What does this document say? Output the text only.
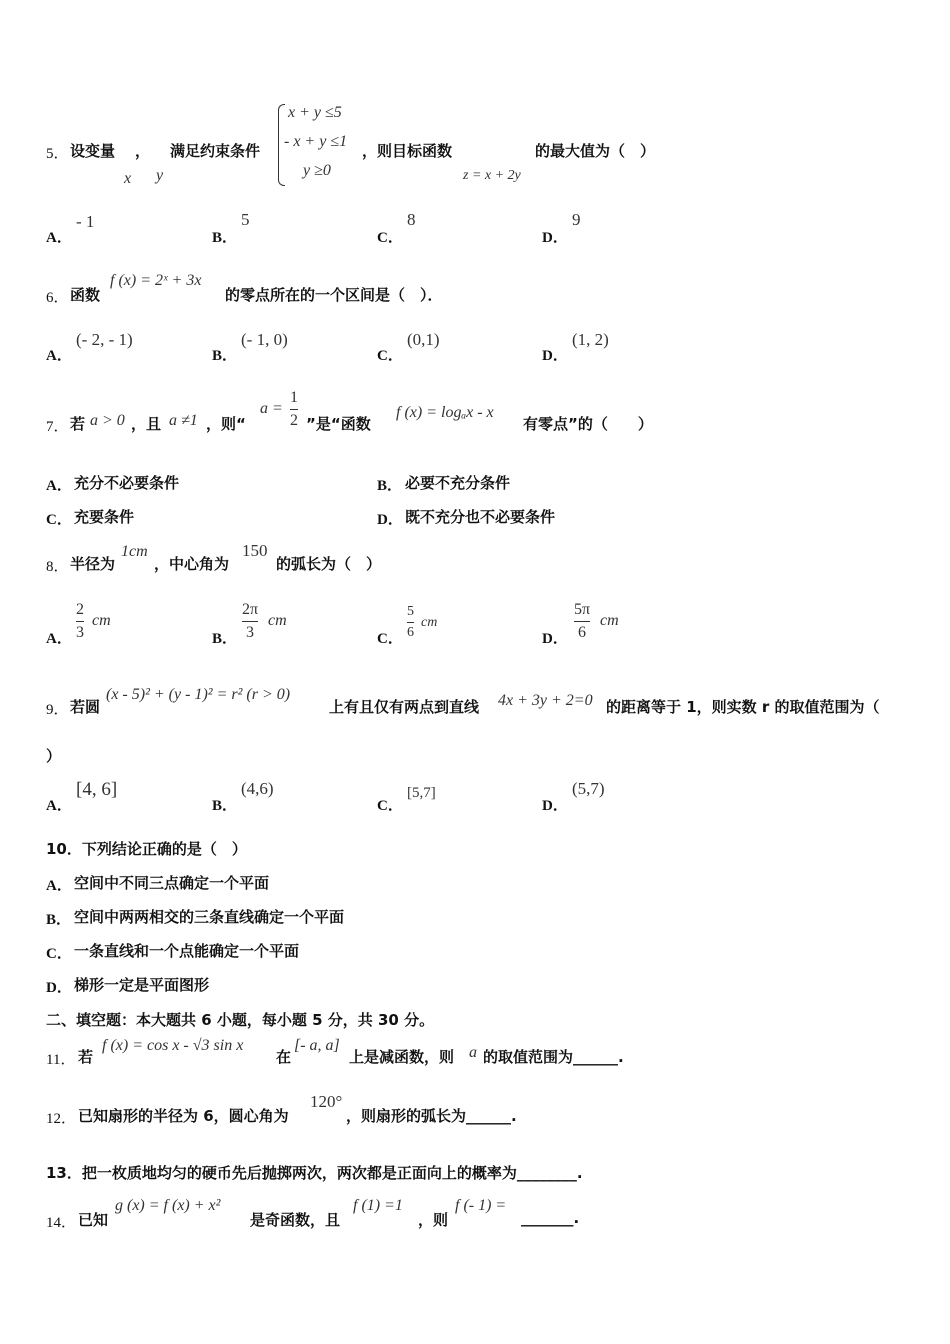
5． 设变量 ， 满足约束条件
x y
x + y ≤5
- x + y ≤1
y ≥0
，则目标函数
z = x + 2y
的最大值为（　）
A．
- 1
B．
5
C．
8
D．
9
6． 函数
f (x) = 2ˣ + 3x
的零点所在的一个区间是（　）．
A．
(- 2, - 1)
B．
(- 1, 0)
C．
(0,1)
D．
(1, 2)
7． 若 a > 0 ，且 a ≠1 ，则“
a =
1
2 ”是“函数
f (x) = logₐx - x
有零点”的（　　）
A． 充分不必要条件	B． 必要不充分条件
C． 充要条件	D． 既不充分也不必要条件
8． 半径为
1cm
，中心角为
150
的弧长为（　）
A．
2
3
cm
B．
2π
3
cm
C．
5
6
cm
D．
5π
6
cm
9． 若圆
(x - 5)² + (y - 1)² = r² (r > 0)
上有且仅有两点到直线 4x + 3y + 2=0 的距离等于 1，则实数 r 的取值范围为（
）
A．
[4, 6]
B．
(4,6)
C．
[5,7]
D．
(5,7)
10．下列结论正确的是（　）
A． 空间中不同三点确定一个平面
B． 空间中两两相交的三条直线确定一个平面
C． 一条直线和一个点能确定一个平面
D． 梯形一定是平面图形
二、填空题：本大题共 6 小题，每小题 5 分，共 30 分。
11． 若
f (x) = cos x - √3 sin x
在
[- a, a]
上是减函数，则 a 的取值范围为______.
12． 已知扇形的半径为 6，圆心角为
120°
，则扇形的弧长为______.
13．把一枚质地均匀的硬币先后抛掷两次，两次都是正面向上的概率为________.
14． 已知
g (x) = f (x) + x²
是奇函数，且
f (1) =1
，则
f (- 1) =
_______.
